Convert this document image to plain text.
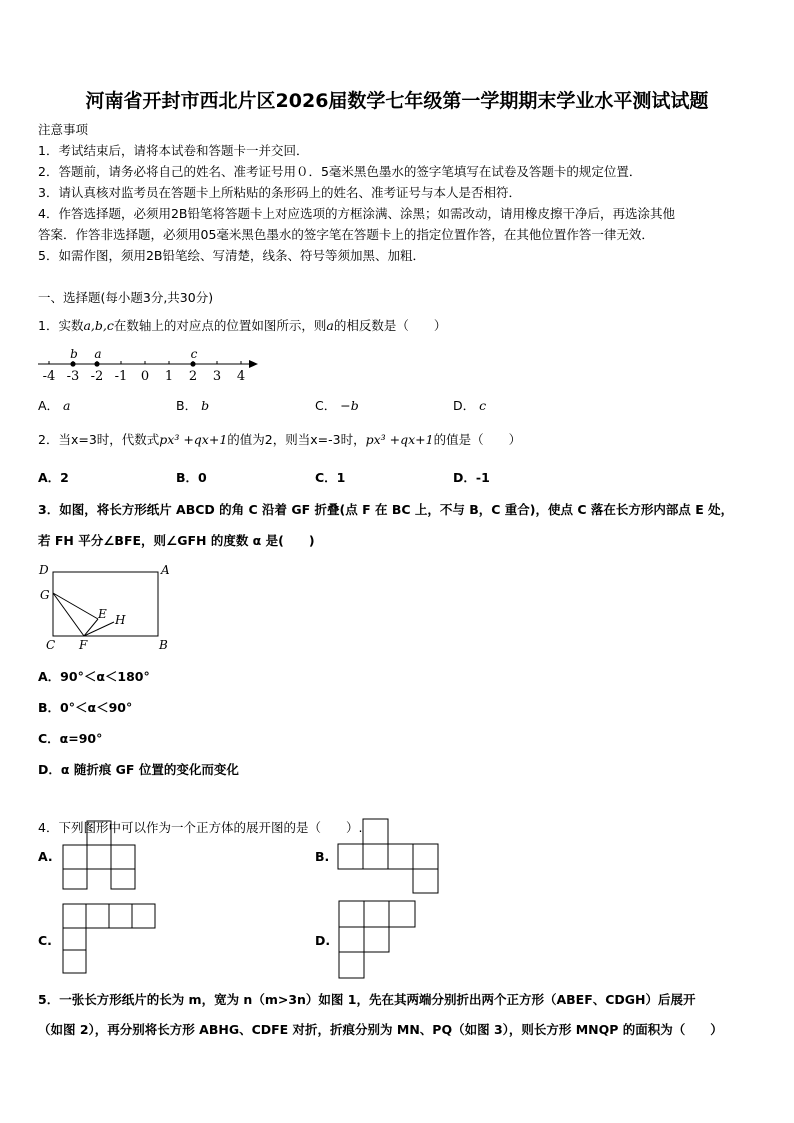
河南省开封市西北片区2026届数学七年级第一学期期末学业水平测试试题
注意事项
1．考试结束后，请将本试卷和答题卡一并交回．
2．答题前，请务必将自己的姓名、准考证号用０．5毫米黑色墨水的签字笔填写在试卷及答题卡的规定位置．
3．请认真核对监考员在答题卡上所粘贴的条形码上的姓名、准考证号与本人是否相符．
4．作答选择题，必须用2B铅笔将答题卡上对应选项的方框涂满、涂黑；如需改动，请用橡皮擦干净后，再选涂其他
答案．作答非选择题，必须用05毫米黑色墨水的签字笔在答题卡上的指定位置作答，在其他位置作答一律无效．
5．如需作图，须用2B铅笔绘、写清楚，线条、符号等须加黑、加粗．
一、选择题(每小题3分,共30分)
1．实数a,b,c在数轴上的对应点的位置如图所示，则a的相反数是（　　）
-4 -3 -2 -1 0 1 2 3 4
b a	c
A． a	B． b	C． −b	D． c
2．当x=3时，代数式px³ +qx+1的值为2，则当x=-3时，px³ +qx+1的值是（　　）
A．2	B．0	C．1	D．-1
3．如图，将长方形纸片 ABCD 的角 C 沿着 GF 折叠(点 F 在 BC 上，不与 B，C 重合)，使点 C 落在长方形内部点 E 处，
若 FH 平分∠BFE，则∠GFH 的度数 α 是(　　)
D	A
G
E H
C F	B
A．90°＜α＜180°
B．0°＜α＜90°
C．α=90°
D．α 随折痕 GF 位置的变化而变化
4．下列图形中可以作为一个正方体的展开图的是（　　）.
A.	B.
C.	D.
5．一张长方形纸片的长为 m，宽为 n（m>3n）如图 1，先在其两端分别折出两个正方形（ABEF、CDGH）后展开
（如图 2），再分别将长方形 ABHG、CDFE 对折，折痕分别为 MN、PQ（如图 3），则长方形 MNQP 的面积为（　　）
